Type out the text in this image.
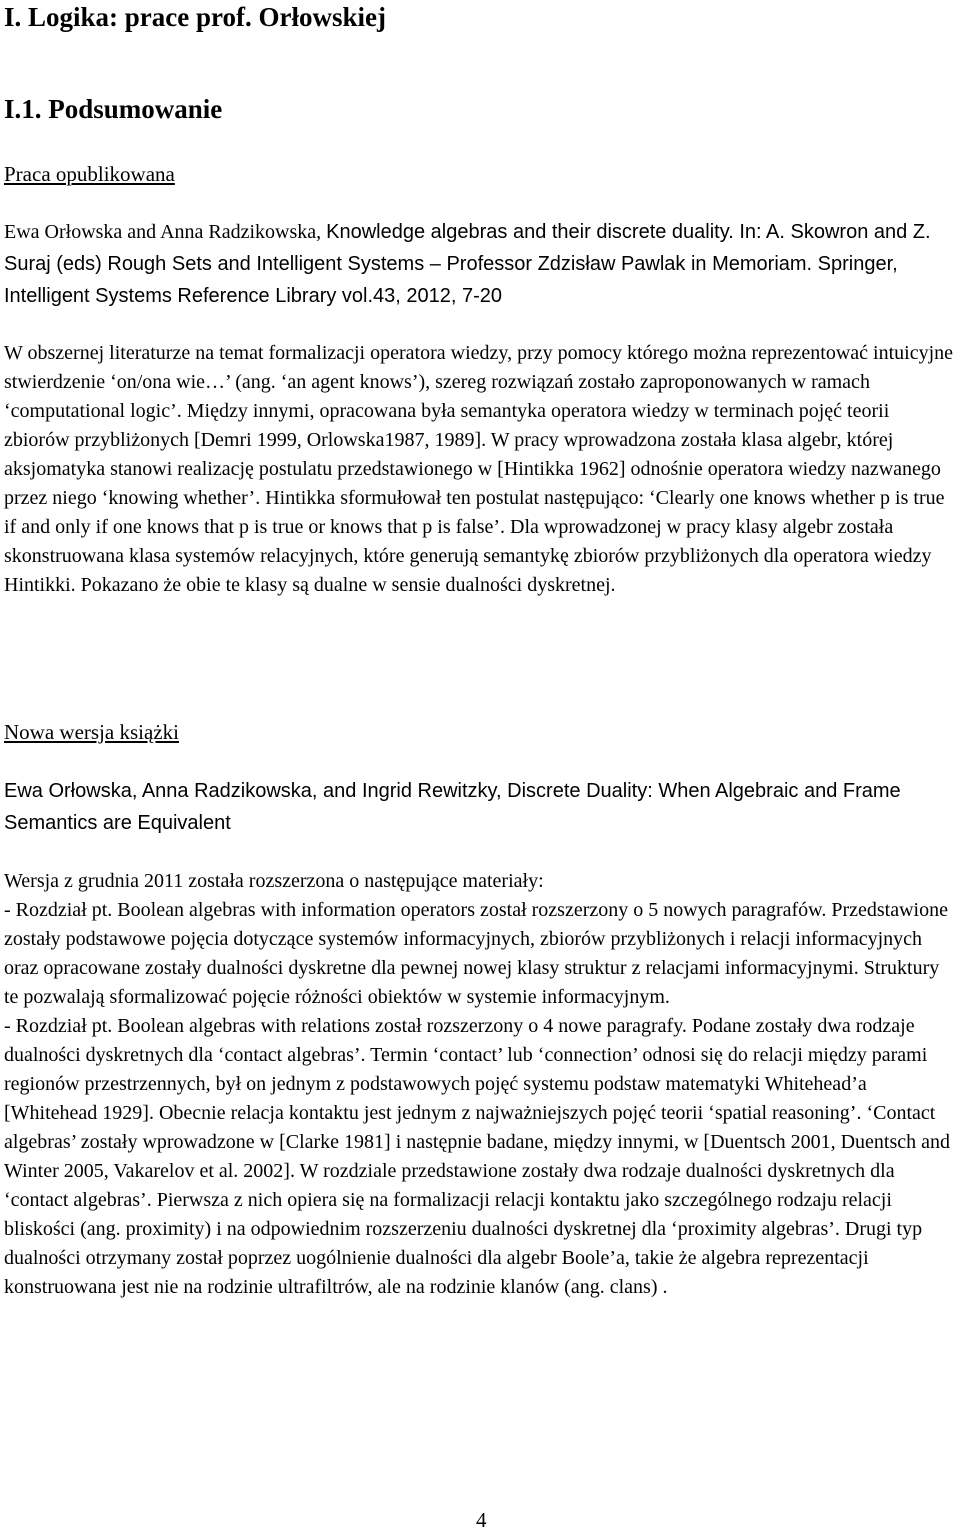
I. Logika: prace prof. Orłowskiej
I.1. Podsumowanie
Praca opublikowana
Ewa Orłowska and Anna Radzikowska, Knowledge algebras and their discrete duality. In: A. Skowron and Z. Suraj (eds) Rough Sets and Intelligent Systems – Professor Zdzisław Pawlak in Memoriam. Springer, Intelligent Systems Reference Library vol.43, 2012, 7-20

W obszernej literaturze na temat formalizacji operatora wiedzy, przy pomocy którego można reprezentować intuicyjne stwierdzenie ‘on/ona wie…’ (ang. ‘an agent knows’), szereg rozwiązań zostało zaproponowanych w ramach ‘computational logic’. Między innymi, opracowana była semantyka operatora wiedzy w terminach pojęć teorii zbiorów przybliżonych [Demri 1999, Orlowska1987, 1989]. W pracy wprowadzona została klasa algebr, której aksjomatyka stanowi realizację postulatu przedstawionego w [Hintikka 1962] odnośnie operatora wiedzy nazwanego przez niego ‘knowing whether’. Hintikka sformułował ten postulat następująco: ‘Clearly one knows whether p is true if and only if one knows that p is true or knows that p is false’. Dla wprowadzonej w pracy klasy algebr została skonstruowana klasa systemów relacyjnych, które generują semantykę zbiorów przybliżonych dla operatora wiedzy Hintikki. Pokazano że obie te klasy są dualne w sensie dualności dyskretnej.

Nowa wersja książki
Ewa Orłowska, Anna Radzikowska, and Ingrid Rewitzky, Discrete Duality: When Algebraic and Frame Semantics are Equivalent

Wersja z grudnia 2011 została rozszerzona o następujące materiały:

- Rozdział pt. Boolean algebras with information operators został rozszerzony o 5 nowych paragrafów. Przedstawione zostały podstawowe pojęcia dotyczące systemów informacyjnych, zbiorów przybliżonych i relacji informacyjnych oraz opracowane zostały dualności dyskretne dla pewnej nowej klasy struktur z relacjami informacyjnymi. Struktury te pozwalają sformalizować pojęcie różności obiektów w systemie informacyjnym.

- Rozdział pt. Boolean algebras with relations został rozszerzony o 4 nowe paragrafy. Podane zostały dwa rodzaje dualności dyskretnych dla ‘contact algebras’. Termin ‘contact’ lub ‘connection’ odnosi się do relacji między parami regionów przestrzennych, był on jednym z podstawowych pojęć systemu podstaw matematyki Whitehead’a [Whitehead 1929]. Obecnie relacja kontaktu jest jednym z najważniejszych pojęć teorii ‘spatial reasoning’. ‘Contact algebras’ zostały wprowadzone w [Clarke 1981] i następnie badane, między innymi, w [Duentsch 2001, Duentsch and Winter 2005, Vakarelov et al. 2002]. W rozdziale przedstawione zostały dwa rodzaje dualności dyskretnych dla ‘contact algebras’. Pierwsza z nich opiera się na formalizacji relacji kontaktu jako szczególnego rodzaju relacji bliskości (ang. proximity) i na odpowiednim rozszerzeniu dualności dyskretnej dla ‘proximity algebras’. Drugi typ dualności otrzymany został poprzez uogólnienie dualności dla algebr Boole’a, takie że algebra reprezentacji konstruowana jest nie na rodzinie ultrafiltrów, ale na rodzinie klanów (ang. clans) .

4
